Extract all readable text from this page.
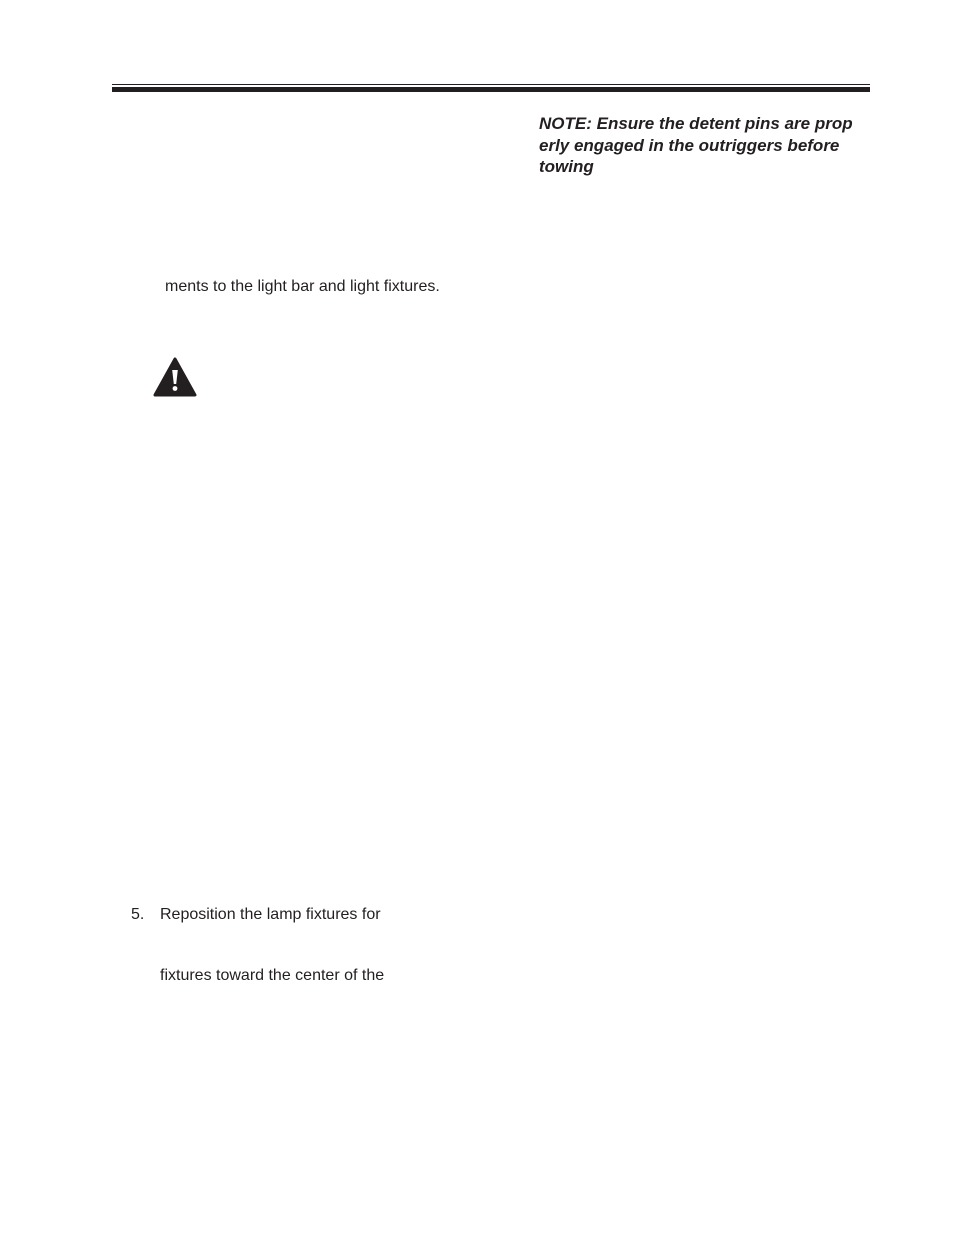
NOTE: Ensure the detent pins are prop
erly engaged in the outriggers before
towing
ments to the light bar and light fixtures.
5. Reposition the lamp fixtures for
fixtures toward the center of the
